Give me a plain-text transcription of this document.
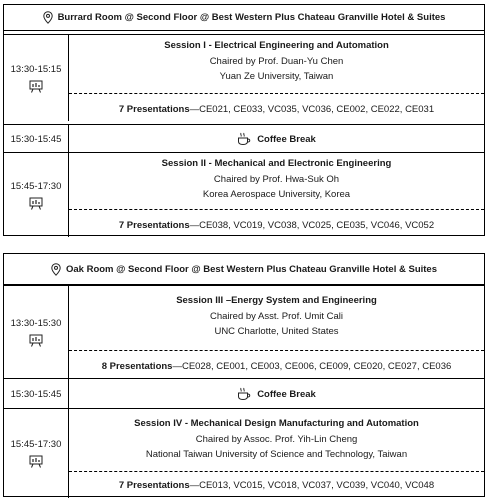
Burrard Room @ Second Floor @ Best Western Plus Chateau Granville Hotel & Suites
13:30-15:15
Session I - Electrical Engineering and Automation
Chaired by Prof. Duan-Yu Chen
Yuan Ze University, Taiwan
7 Presentations—CE021, CE033, VC035, VC036, CE002, CE022, CE031
15:30-15:45	Coffee Break
15:45-17:30
Session II - Mechanical and Electronic Engineering
Chaired by Prof. Hwa-Suk Oh
Korea Aerospace University, Korea
7 Presentations—CE038, VC019, VC038, VC025, CE035, VC046, VC052
Oak Room @ Second Floor @ Best Western Plus Chateau Granville Hotel & Suites
13:30-15:30
Session III –Energy System and Engineering
Chaired by Asst. Prof. Umit Cali
UNC Charlotte, United States
8 Presentations—CE028, CE001, CE003, CE006, CE009, CE020, CE027, CE036
15:30-15:45	Coffee Break
15:45-17:30
Session IV - Mechanical Design Manufacturing and Automation
Chaired by Assoc. Prof. Yih-Lin Cheng
National Taiwan University of Science and Technology, Taiwan
7 Presentations—CE013, VC015, VC018, VC037, VC039, VC040, VC048
